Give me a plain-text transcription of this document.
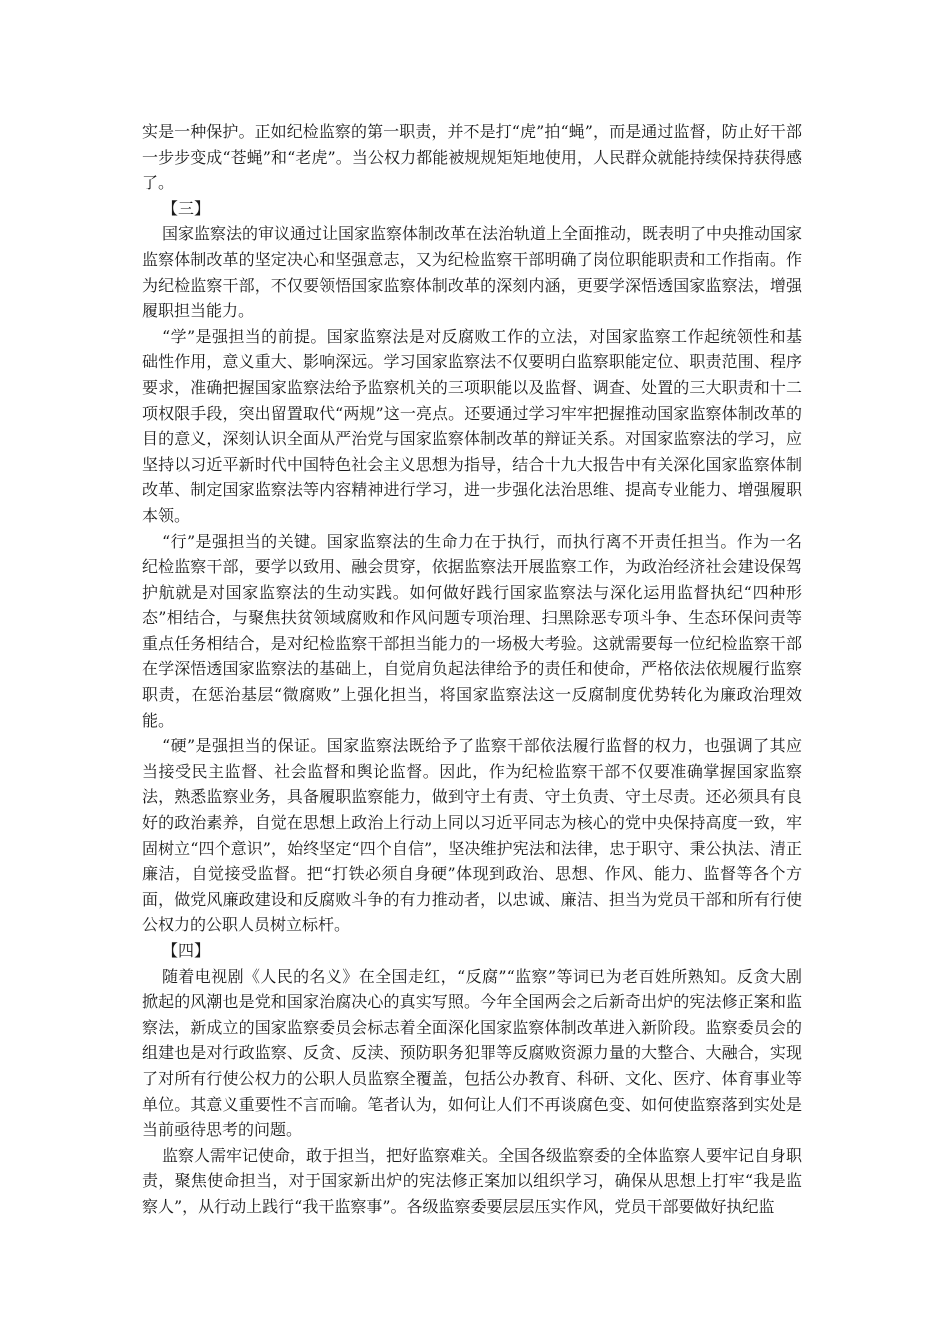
实是一种保护。正如纪检监察的第一职责，并不是打“虎”拍“蝇”，而是通过监督，防止好干部一步步变成“苍蝇”和“老虎”。当公权力都能被规规矩矩地使用，人民群众就能持续保持获得感了。

【三】

国家监察法的审议通过让国家监察体制改革在法治轨道上全面推动，既表明了中央推动国家监察体制改革的坚定决心和坚强意志，又为纪检监察干部明确了岗位职能职责和工作指南。作为纪检监察干部，不仅要领悟国家监察体制改革的深刻内涵，更要学深悟透国家监察法，增强履职担当能力。

“学”是强担当的前提。国家监察法是对反腐败工作的立法，对国家监察工作起统领性和基础性作用，意义重大、影响深远。学习国家监察法不仅要明白监察职能定位、职责范围、程序要求，准确把握国家监察法给予监察机关的三项职能以及监督、调查、处置的三大职责和十二项权限手段，突出留置取代“两规”这一亮点。还要通过学习牢牢把握推动国家监察体制改革的目的意义，深刻认识全面从严治党与国家监察体制改革的辩证关系。对国家监察法的学习，应坚持以习近平新时代中国特色社会主义思想为指导，结合十九大报告中有关深化国家监察体制改革、制定国家监察法等内容精神进行学习，进一步强化法治思维、提高专业能力、增强履职本领。

“行”是强担当的关键。国家监察法的生命力在于执行，而执行离不开责任担当。作为一名纪检监察干部，要学以致用、融会贯穿，依据监察法开展监察工作，为政治经济社会建设保驾护航就是对国家监察法的生动实践。如何做好践行国家监察法与深化运用监督执纪“四种形态”相结合，与聚焦扶贫领域腐败和作风问题专项治理、扫黑除恶专项斗争、生态环保问责等重点任务相结合，是对纪检监察干部担当能力的一场极大考验。这就需要每一位纪检监察干部在学深悟透国家监察法的基础上，自觉肩负起法律给予的责任和使命，严格依法依规履行监察职责，在惩治基层“微腐败”上强化担当，将国家监察法这一反腐制度优势转化为廉政治理效能。

“硬”是强担当的保证。国家监察法既给予了监察干部依法履行监督的权力，也强调了其应当接受民主监督、社会监督和舆论监督。因此，作为纪检监察干部不仅要准确掌握国家监察法，熟悉监察业务，具备履职监察能力，做到守土有责、守土负责、守土尽责。还必须具有良好的政治素养，自觉在思想上政治上行动上同以习近平同志为核心的党中央保持高度一致，牢固树立“四个意识”，始终坚定“四个自信”，坚决维护宪法和法律，忠于职守、秉公执法、清正廉洁，自觉接受监督。把“打铁必须自身硬”体现到政治、思想、作风、能力、监督等各个方面，做党风廉政建设和反腐败斗争的有力推动者，以忠诚、廉洁、担当为党员干部和所有行使公权力的公职人员树立标杆。

【四】

随着电视剧《人民的名义》在全国走红，“反腐”“监察”等词已为老百姓所熟知。反贪大剧掀起的风潮也是党和国家治腐决心的真实写照。今年全国两会之后新奇出炉的宪法修正案和监察法，新成立的国家监察委员会标志着全面深化国家监察体制改革进入新阶段。监察委员会的组建也是对行政监察、反贪、反渎、预防职务犯罪等反腐败资源力量的大整合、大融合，实现了对所有行使公权力的公职人员监察全覆盖，包括公办教育、科研、文化、医疗、体育事业等单位。其意义重要性不言而喻。笔者认为，如何让人们不再谈腐色变、如何使监察落到实处是当前亟待思考的问题。

监察人需牢记使命，敢于担当，把好监察难关。全国各级监察委的全体监察人要牢记自身职责，聚焦使命担当，对于国家新出炉的宪法修正案加以组织学习，确保从思想上打牢“我是监察人”，从行动上践行“我干监察事”。各级监察委要层层压实作风，党员干部要做好执纪监
